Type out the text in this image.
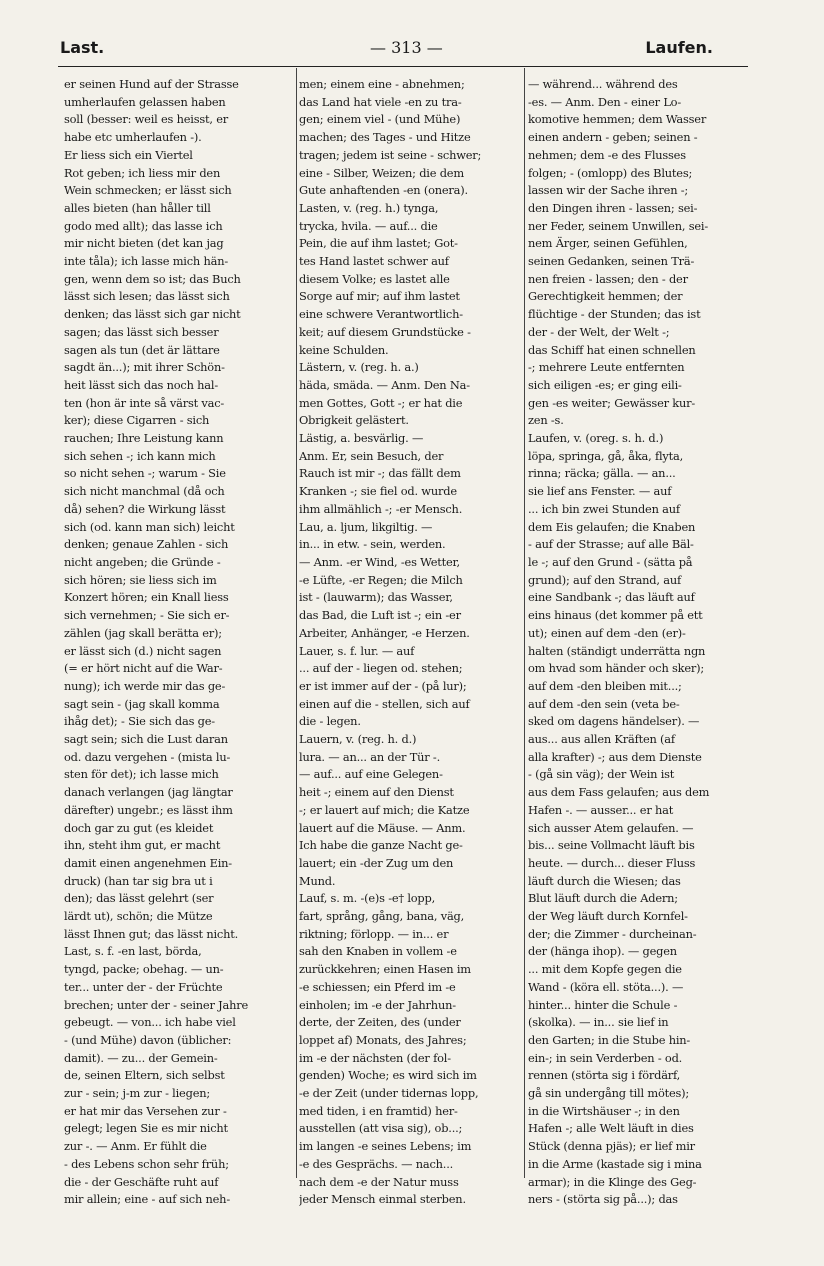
Last.	— 313 —	Laufen.
er seinen Hund auf der Strasse
umherlaufen gelassen haben
soll (besser: weil es heisst, er
habe etc umherlaufen -).
Er liess sich ein Viertel
Rot geben; ich liess mir den
Wein schmecken; er lässt sich
alles bieten (han håller till
godo med allt); das lasse ich
mir nicht bieten (det kan jag
inte tåla); ich lasse mich hän-
gen, wenn dem so ist; das Buch
lässt sich lesen; das lässt sich
denken; das lässt sich gar nicht
sagen; das lässt sich besser
sagen als tun (det är lättare
sagdt än...); mit ihrer Schön-
heit lässt sich das noch hal-
ten (hon är inte så värst vac-
ker); diese Cigarren - sich
rauchen; Ihre Leistung kann
sich sehen -; ich kann mich
so nicht sehen -; warum - Sie
sich nicht manchmal (då och
då) sehen? die Wirkung lässt
sich (od. kann man sich) leicht
denken; genaue Zahlen - sich
nicht angeben; die Gründe -
sich hören; sie liess sich im
Konzert hören; ein Knall liess
sich vernehmen; - Sie sich er-
zählen (jag skall berätta er);
er lässt sich (d.) nicht sagen
(= er hört nicht auf die War-
nung); ich werde mir das ge-
sagt sein - (jag skall komma
ihåg det); - Sie sich das ge-
sagt sein; sich die Lust daran
od. dazu vergehen - (mista lu-
sten för det); ich lasse mich
danach verlangen (jag längtar
därefter) ungebr.; es lässt ihm
doch gar zu gut (es kleidet
ihn, steht ihm gut, er macht
damit einen angenehmen Ein-
druck) (han tar sig bra ut i
den); das lässt gelehrt (ser
lärdt ut), schön; die Mütze
lässt Ihnen gut; das lässt nicht.
Last, s. f. -en last, börda,
tyngd, packe; obehag. — un-
ter... unter der - der Früchte
brechen; unter der - seiner Jahre
gebeugt. — von... ich habe viel
- (und Mühe) davon (üblicher:
damit). — zu... der Gemein-
de, seinen Eltern, sich selbst
zur - sein; j-m zur - liegen;
er hat mir das Versehen zur -
gelegt; legen Sie es mir nicht
zur -. — Anm. Er fühlt die
- des Lebens schon sehr früh;
die - der Geschäfte ruht auf
mir allein; eine - auf sich neh-
men; einem eine - abnehmen;
das Land hat viele -en zu tra-
gen; einem viel - (und Mühe)
machen; des Tages - und Hitze
tragen; jedem ist seine - schwer;
eine - Silber, Weizen; die dem
Gute anhaftenden -en (onera).
Lasten, v. (reg. h.) tynga,
trycka, hvila. — auf... die
Pein, die auf ihm lastet; Got-
tes Hand lastet schwer auf
diesem Volke; es lastet alle
Sorge auf mir; auf ihm lastet
eine schwere Verantwortlich-
keit; auf diesem Grundstücke -
keine Schulden.
Lästern, v. (reg. h. a.)
häda, smäda. — Anm. Den Na-
men Gottes, Gott -; er hat die
Obrigkeit gelästert.
Lästig, a. besvärlig. —
Anm. Er, sein Besuch, der
Rauch ist mir -; das fällt dem
Kranken -; sie fiel od. wurde
ihm allmählich -; -er Mensch.
Lau, a. ljum, likgiltig. —
in... in etw. - sein, werden.
— Anm. -er Wind, -es Wetter,
-e Lüfte, -er Regen; die Milch
ist - (lauwarm); das Wasser,
das Bad, die Luft ist -; ein -er
Arbeiter, Anhänger, -e Herzen.
Lauer, s. f. lur. — auf
... auf der - liegen od. stehen;
er ist immer auf der - (på lur);
einen auf die - stellen, sich auf
die - legen.
Lauern, v. (reg. h. d.)
lura. — an... an der Tür -.
— auf... auf eine Gelegen-
heit -; einem auf den Dienst
-; er lauert auf mich; die Katze
lauert auf die Mäuse. — Anm.
Ich habe die ganze Nacht ge-
lauert; ein -der Zug um den
Mund.
Lauf, s. m. -(e)s -e† lopp,
fart, språng, gång, bana, väg,
riktning; förlopp. — in... er
sah den Knaben in vollem -e
zurückkehren; einen Hasen im
-e schiessen; ein Pferd im -e
einholen; im -e der Jahrhun-
derte, der Zeiten, des (under
loppet af) Monats, des Jahres;
im -e der nächsten (der fol-
genden) Woche; es wird sich im
-e der Zeit (under tidernas lopp,
med tiden, i en framtid) her-
ausstellen (att visa sig), ob...;
im langen -e seines Lebens; im
-e des Gesprächs. — nach...
nach dem -e der Natur muss
jeder Mensch einmal sterben.
— während... während des
-es. — Anm. Den - einer Lo-
komotive hemmen; dem Wasser
einen andern - geben; seinen -
nehmen; dem -e des Flusses
folgen; - (omlopp) des Blutes;
lassen wir der Sache ihren -;
den Dingen ihren - lassen; sei-
ner Feder, seinem Unwillen, sei-
nem Ärger, seinen Gefühlen,
seinen Gedanken, seinen Trä-
nen freien - lassen; den - der
Gerechtigkeit hemmen; der
flüchtige - der Stunden; das ist
der - der Welt, der Welt -;
das Schiff hat einen schnellen
-; mehrere Leute entfernten
sich eiligen -es; er ging eili-
gen -es weiter; Gewässer kur-
zen -s.
Laufen, v. (oreg. s. h. d.)
löpa, springa, gå, åka, flyta,
rinna; räcka; gälla. — an...
sie lief ans Fenster. — auf
... ich bin zwei Stunden auf
dem Eis gelaufen; die Knaben
- auf der Strasse; auf alle Bäl-
le -; auf den Grund - (sätta på
grund); auf den Strand, auf
eine Sandbank -; das läuft auf
eins hinaus (det kommer på ett
ut); einen auf dem -den (er)-
halten (ständigt underrätta ngn
om hvad som händer och sker);
auf dem -den bleiben mit...;
auf dem -den sein (veta be-
sked om dagens händelser). —
aus... aus allen Kräften (af
alla krafter) -; aus dem Dienste
- (gå sin väg); der Wein ist
aus dem Fass gelaufen; aus dem
Hafen -. — ausser... er hat
sich ausser Atem gelaufen. —
bis... seine Vollmacht läuft bis
heute. — durch... dieser Fluss
läuft durch die Wiesen; das
Blut läuft durch die Adern;
der Weg läuft durch Kornfel-
der; die Zimmer - durcheinan-
der (hänga ihop). — gegen
... mit dem Kopfe gegen die
Wand - (köra ell. stöta...). —
hinter... hinter die Schule -
(skolka). — in... sie lief in
den Garten; in die Stube hin-
ein-; in sein Verderben - od.
rennen (störta sig i fördärf,
gå sin undergång till mötes);
in die Wirtshäuser -; in den
Hafen -; alle Welt läuft in dies
Stück (denna pjäs); er lief mir
in die Arme (kastade sig i mina
armar); in die Klinge des Geg-
ners - (störta sig på...); das
